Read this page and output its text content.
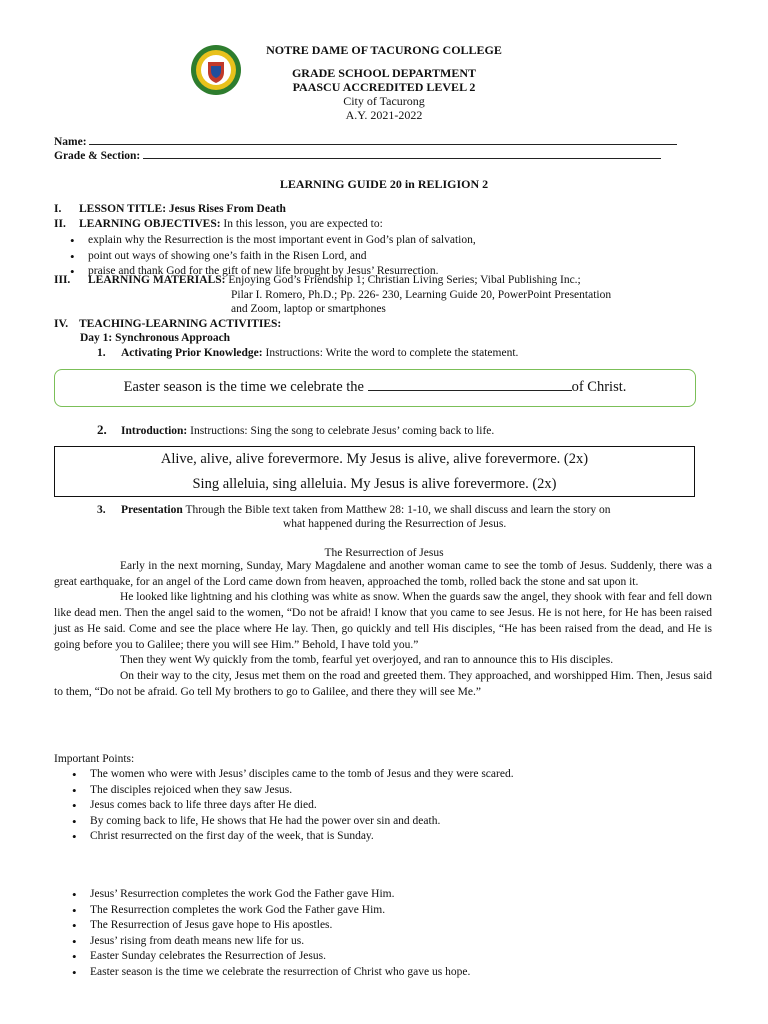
NOTRE DAME OF TACURONG COLLEGE
GRADE SCHOOL DEPARTMENT
PAASCU ACCREDITED LEVEL 2
City of Tacurong
A.Y. 2021-2022
Name:
Grade & Section:
LEARNING GUIDE 20 in RELIGION 2
I. LESSON TITLE: Jesus Rises From Death
II. LEARNING OBJECTIVES: In this lesson, you are expected to:
• explain why the Resurrection is the most important event in God’s plan of salvation,
• point out ways of showing one’s faith in the Risen Lord, and
• praise and thank God for the gift of new life brought by Jesus’ Resurrection.
III. LEARNING MATERIALS: Enjoying God’s Friendship 1; Christian Living Series; Vibal Publishing Inc.;
Pilar I. Romero, Ph.D.; Pp. 226- 230, Learning Guide 20, PowerPoint Presentation
and Zoom, laptop or smartphones
IV. TEACHING-LEARNING ACTIVITIES:
Day 1: Synchronous Approach
1. Activating Prior Knowledge: Instructions: Write the word to complete the statement.
Easter season is the time we celebrate the	of Christ.
2. Introduction: Instructions: Sing the song to celebrate Jesus’ coming back to life.
Alive, alive, alive forevermore. My Jesus is alive, alive forevermore. (2x)
Sing alleluia, sing alleluia. My Jesus is alive forevermore. (2x)
3. Presentation Through the Bible text taken from Matthew 28: 1-10, we shall discuss and learn the story on
what happened during the Resurrection of Jesus.
The Resurrection of Jesus

Early in the next morning, Sunday, Mary Magdalene and another woman came to see the tomb of Jesus. Suddenly, there was a great earthquake, for an angel of the Lord came down from heaven, approached the tomb, rolled back the stone and sat upon it.

He looked like lightning and his clothing was white as snow. When the guards saw the angel, they shook with fear and fell down like dead men. Then the angel said to the women, “Do not be afraid! I know that you came to see Jesus. He is not here, for He has been raised just as He said. Come and see the place where He lay. Then, go quickly and tell His disciples, “He has been raised from the dead, and He is going before you to Galilee; there you will see Him.” Behold, I have told you.”

Then they went Wy quickly from the tomb, fearful yet overjoyed, and ran to announce this to His disciples.

On their way to the city, Jesus met them on the road and greeted them. They approached, and worshipped Him. Then, Jesus said to them, “Do not be afraid. Go tell My brothers to go to Galilee, and there they will see Me.”

Important Points:
• The women who were with Jesus’ disciples came to the tomb of Jesus and they were scared.
• The disciples rejoiced when they saw Jesus.
• Jesus comes back to life three days after He died.
• By coming back to life, He shows that He had the power over sin and death.
• Christ resurrected on the first day of the week, that is Sunday.
• Jesus’ Resurrection completes the work God the Father gave Him.
• The Resurrection completes the work God the Father gave Him.
• The Resurrection of Jesus gave hope to His apostles.
• Jesus’ rising from death means new life for us.
• Easter Sunday celebrates the Resurrection of Jesus.
• Easter season is the time we celebrate the resurrection of Christ who gave us hope.
